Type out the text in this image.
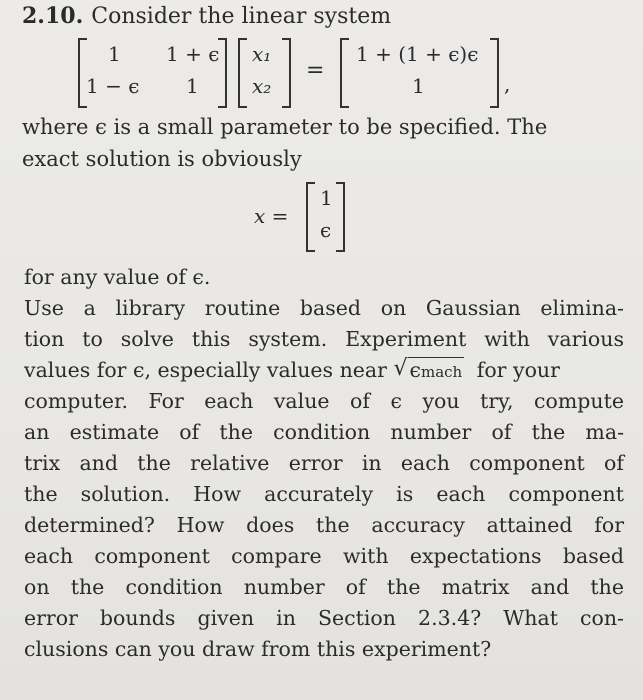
2.10. Consider the linear system
1 1 + ϵ
1 − ϵ 1
x₁
x₂
=
1 + (1 + ϵ)ϵ
1	,
where ϵ is a small parameter to be specified. The
exact solution is obviously
x =
1
ϵ
for any value of ϵ.
Use a library routine based on Gaussian elimina-
tion to solve this system. Experiment with various
values for ϵ, especially values near √ ϵmach for your
computer. For each value of ϵ you try, compute
an estimate of the condition number of the ma-
trix and the relative error in each component of
the solution. How accurately is each component
determined? How does the accuracy attained for
each component compare with expectations based
on the condition number of the matrix and the
error bounds given in Section 2.3.4? What con-
clusions can you draw from this experiment?
